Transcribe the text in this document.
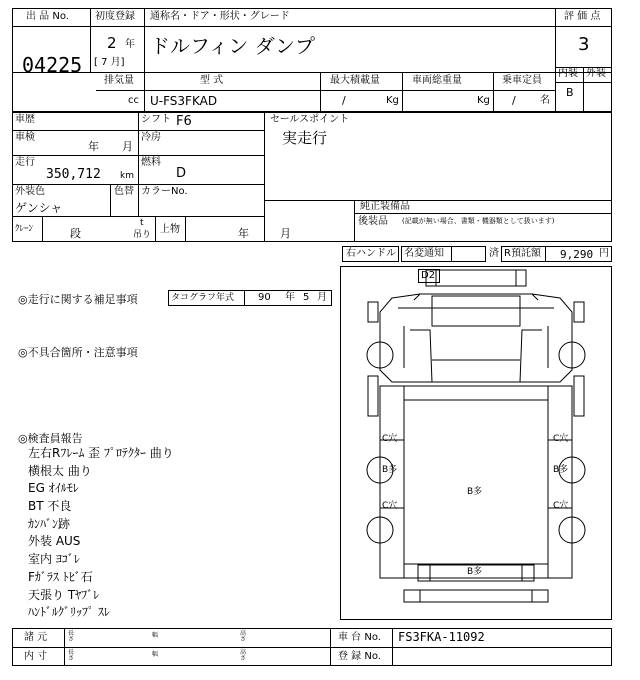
出 品 No.
04225
初度登録
2 年
[ 7 月]
通称名・ドア・形状・グレード
ドルフィン ダンプ
評 価 点
3
内装 外装
B
排気量
cc
型 式
U-FS3FKAD
最大積載量
/	Kg
車両総重量
Kg
乗車定員
/ 名
車歴	シフト F6
車検
年 月
冷房
走行
350,712 km
燃料
D
外装色
ゲンシャ
色替 カラーNo.
ｸﾚｰﾝ	段
t
吊り 上物	年	月
セールスポイント
実走行
純正装備品
後装品 (記載が無い場合、書類・機器類として扱います)
右ハンドル 名変通知	済 R預託額 9,290 円
◎走行に関する補足事項	タコグラフ年式 90 年 5 月
◎不具合箇所・注意事項
◎検査員報告
左右Rﾌﾚｰﾑ 歪 ﾌﾟﾛﾃｸﾀｰ 曲り
横根太 曲り
EG ｵｲﾙﾓﾚ
BT 不良
ｶﾝﾊﾞﾝ跡
外装 AUS
室内 ﾖｺﾞﾚ
Fｶﾞﾗｽ ﾄﾋﾞ石
天張り Tﾔﾌﾞﾚ
ﾊﾝﾄﾞﾙｸﾞﾘｯﾌﾟ ｽﾚ
D2
C穴	C穴
B多	B多
C穴	C穴
B多
B多
諸 元
内 寸
長さ
幅	高さ
長さ
幅	高さ
車 台 No. FS3FKA-11092
登 録 No.
